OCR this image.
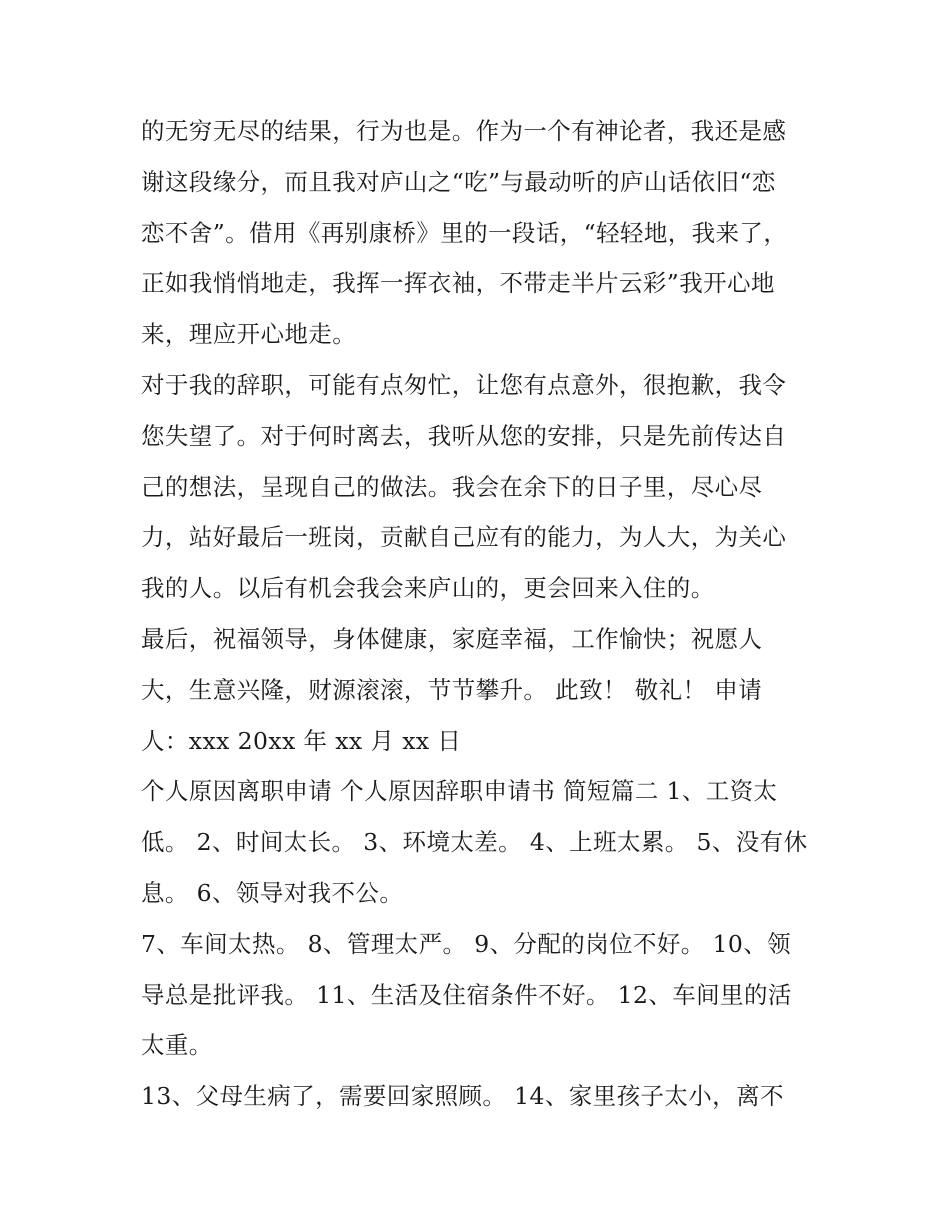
的无穷无尽的结果，行为也是。作为一个有神论者，我还是感
谢这段缘分，而且我对庐山之“吃”与最动听的庐山话依旧“恋
恋不舍”。借用《再别康桥》里的一段话，“轻轻地，我来了，
正如我悄悄地走，我挥一挥衣袖，不带走半片云彩”我开心地
来，理应开心地走。
对于我的辞职，可能有点匆忙，让您有点意外，很抱歉，我令
您失望了。对于何时离去，我听从您的安排，只是先前传达自
己的想法，呈现自己的做法。我会在余下的日子里，尽心尽
力，站好最后一班岗，贡献自己应有的能力，为人大，为关心
我的人。以后有机会我会来庐山的，更会回来入住的。
最后，祝福领导，身体健康，家庭幸福，工作愉快；祝愿人
大，生意兴隆，财源滚滚，节节攀升。 此致！ 敬礼！ 申请
人：xxx 20xx 年 xx 月 xx 日
个人原因离职申请 个人原因辞职申请书 简短篇二 1、工资太
低。 2、时间太长。 3、环境太差。 4、上班太累。 5、没有休
息。 6、领导对我不公。
7、车间太热。 8、管理太严。 9、分配的岗位不好。 10、领
导总是批评我。 11、生活及住宿条件不好。 12、车间里的活
太重。
13、父母生病了，需要回家照顾。 14、家里孩子太小，离不
